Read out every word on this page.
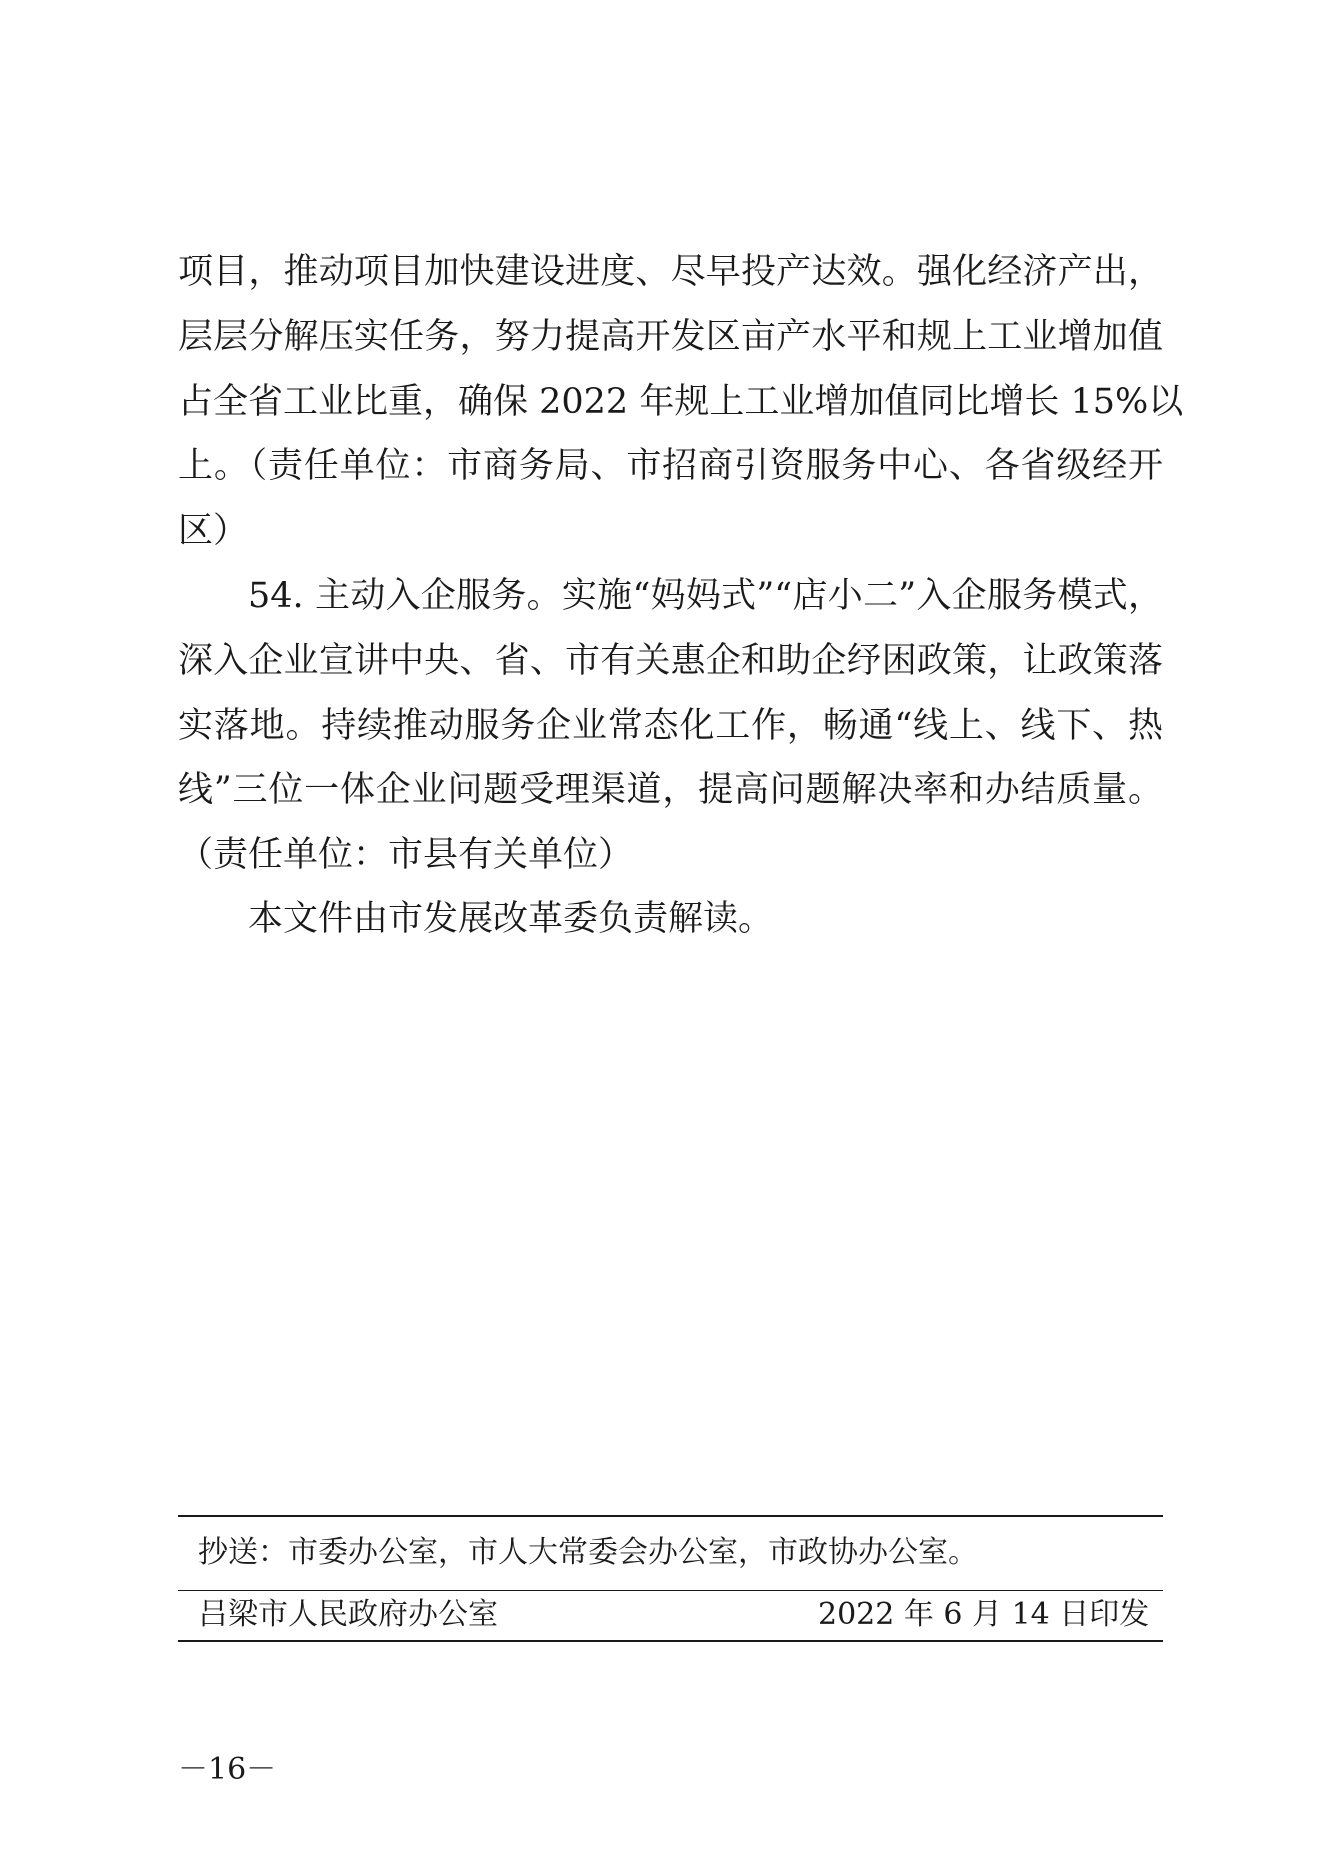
项目，推动项目加快建设进度、尽早投产达效。强化经济产出，
层层分解压实任务，努力提高开发区亩产水平和规上工业增加值
占全省工业比重，确保 2022 年规上工业增加值同比增长 15%以
上。（责任单位：市商务局、市招商引资服务中心、各省级经开
区）
54. 主动入企服务。实施“妈妈式”“店小二”入企服务模式，
深入企业宣讲中央、省、市有关惠企和助企纾困政策，让政策落
实落地。持续推动服务企业常态化工作，畅通“线上、线下、热
线”三位一体企业问题受理渠道，提高问题解决率和办结质量。
（责任单位：市县有关单位）
本文件由市发展改革委负责解读。
抄送：市委办公室，市人大常委会办公室，市政协办公室。
吕梁市人民政府办公室	2022 年 6 月 14 日印发
－16－
